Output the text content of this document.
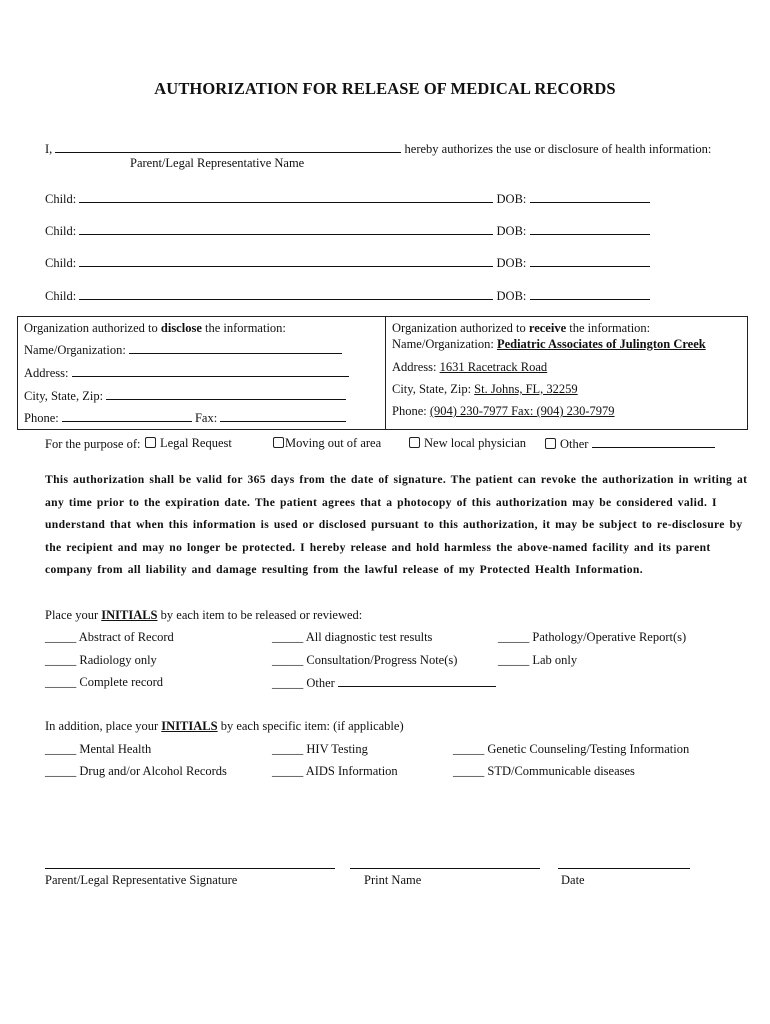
AUTHORIZATION FOR RELEASE OF MEDICAL RECORDS
I,	hereby authorizes the use or disclosure of health information:
Parent/Legal Representative Name
Child:	DOB:
Child:	DOB:
Child:	DOB:
Child:	DOB:
Organization authorized to disclose the information:
Name/Organization:
Address:
City, State, Zip:
Phone:	Fax:
Organization authorized to receive the information:
Name/Organization: Pediatric Associates of Julington Creek
Address: 1631 Racetrack Road
City, State, Zip: St. Johns, FL, 32259
Phone: (904) 230-7977 Fax: (904) 230-7979
For the purpose of:	Legal Request	Moving out of area	New local physician	Other
This authorization shall be valid for 365 days from the date of signature. The patient can revoke the authorization in writing at
any time prior to the expiration date. The patient agrees that a photocopy of this authorization may be considered valid. I
understand that when this information is used or disclosed pursuant to this authorization, it may be subject to re-disclosure by
the recipient and may no longer be protected. I hereby release and hold harmless the above-named facility and its parent
company from all liability and damage resulting from the lawful release of my Protected Health Information.
Place your INITIALS by each item to be released or reviewed:
_____ Abstract of Record	_____ All diagnostic test results	_____ Pathology/Operative Report(s)
_____ Radiology only	_____ Consultation/Progress Note(s)	_____ Lab only
_____ Complete record	_____ Other
In addition, place your INITIALS by each specific item: (if applicable)
_____ Mental Health	_____ HIV Testing	_____ Genetic Counseling/Testing Information
_____ Drug and/or Alcohol Records	_____ AIDS Information	_____ STD/Communicable diseases
Parent/Legal Representative Signature	Print Name	Date
